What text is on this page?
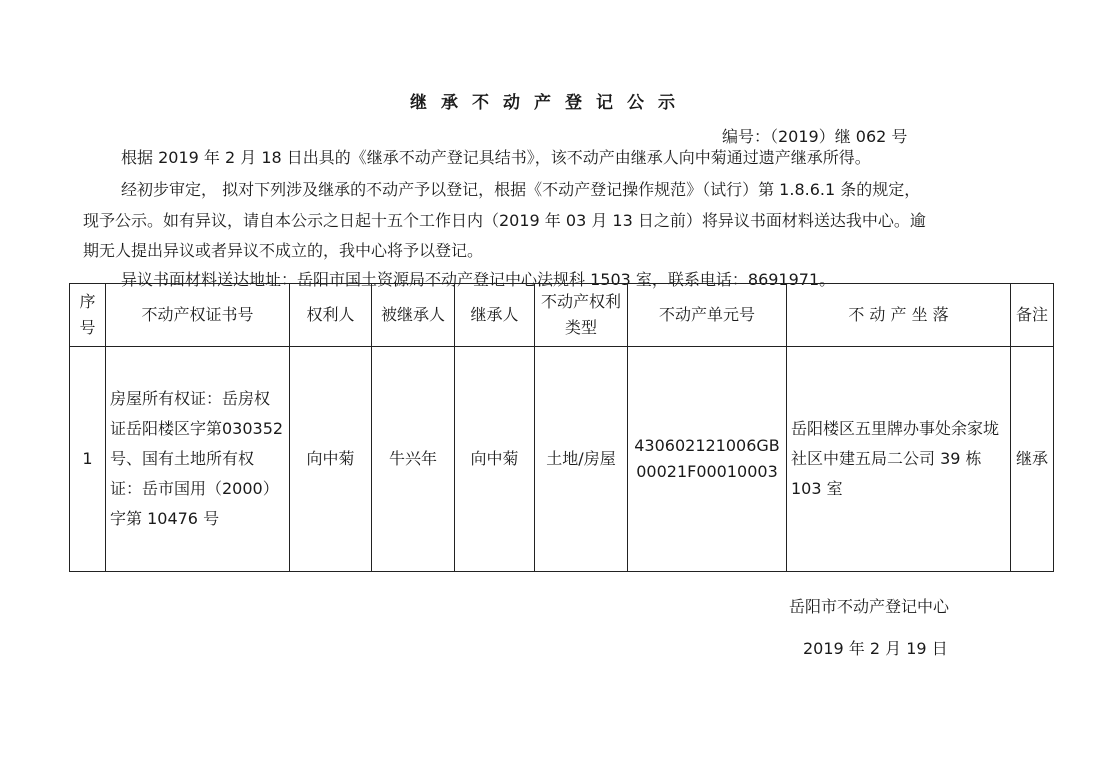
继承不动产登记公示
编号：（2019）继 062 号
根据 2019 年 2 月 18 日出具的《继承不动产登记具结书》，该不动产由继承人向中菊通过遗产继承所得。
经初步审定， 拟对下列涉及继承的不动产予以登记，根据《不动产登记操作规范》（试行）第 1.8.6.1 条的规定，
现予公示。如有异议，请自本公示之日起十五个工作日内（2019 年 03 月 13 日之前）将异议书面材料送达我中心。逾
期无人提出异议或者异议不成立的，我中心将予以登记。
异议书面材料送达地址：岳阳市国土资源局不动产登记中心法规科 1503 室，联系电话：8691971。
序号	不动产权证书号	权利人	被继承人	继承人	不动产权利类型	不动产单元号	不 动 产 坐 落	备注
1	房屋所有权证：岳房权证岳阳楼区字第030352 号、国有土地所有权证：岳市国用（2000）字第 10476 号	向中菊	牛兴年	向中菊	土地/房屋	430602121006GB00021F00010003	岳阳楼区五里牌办事处余家垅社区中建五局二公司 39 栋 103 室	继承
岳阳市不动产登记中心
2019 年 2 月 19 日
